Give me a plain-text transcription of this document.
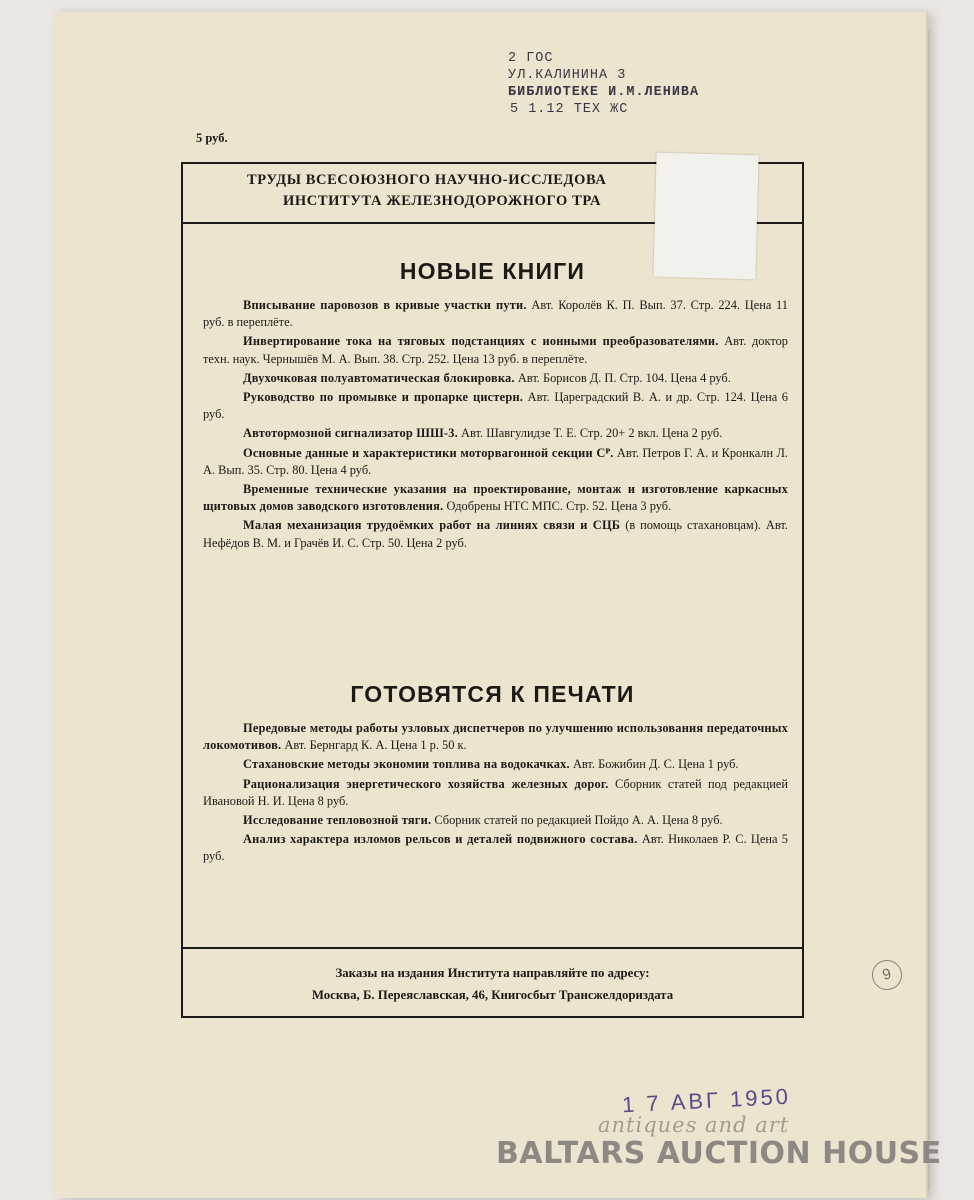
2 ГОС
УЛ.КАЛИНИНА 3
БИБЛИОТЕКЕ И.М.ЛЕНИВА
5 1.12 ТЕХ ЖС
5 руб.
ТРУДЫ ВСЕСОЮЗНОГО НАУЧНО-ИССЛЕДОВА
ИНСТИТУТА ЖЕЛЕЗНОДОРОЖНОГО ТРА
НОВЫЕ КНИГИ
Вписывание паровозов в кривые участки пути. Авт. Королёв К. П. Вып. 37. Стр. 224. Цена 11 руб. в переплёте.
Инвертирование тока на тяговых подстанциях с ионными преобразователями. Авт. доктор техн. наук. Чернышёв М. А. Вып. 38. Стр. 252. Цена 13 руб. в переплёте.
Двухочковая полуавтоматическая блокировка. Авт. Борисов Д. П. Стр. 104. Цена 4 руб.
Руководство по промывке и пропарке цистерн. Авт. Цареградский В. А. и др. Стр. 124. Цена 6 руб.
Автотормозной сигнализатор ШШ-3. Авт. Шавгулидзе Т. Е. Стр. 20+ 2 вкл. Цена 2 руб.
Основные данные и характеристики моторвагонной секции Сᴾ. Авт. Петров Г. А. и Кронкалн Л. А. Вып. 35. Стр. 80. Цена 4 руб.
Временные технические указания на проектирование, монтаж и изготовление каркасных щитовых домов заводского изготовления. Одобрены НТС МПС. Стр. 52. Цена 3 руб.
Малая механизация трудоёмких работ на линиях связи и СЦБ (в помощь стахановцам). Авт. Нефёдов В. М. и Грачёв И. С. Стр. 50. Цена 2 руб.
ГОТОВЯТСЯ К ПЕЧАТИ
Передовые методы работы узловых диспетчеров по улучшению использования передаточных локомотивов. Авт. Бернгард К. А. Цена 1 р. 50 к.
Стахановские методы экономии топлива на водокачках. Авт. Божибин Д. С. Цена 1 руб.
Рационализация энергетического хозяйства железных дорог. Сборник статей под редакцией Ивановой Н. И. Цена 8 руб.
Исследование тепловозной тяги. Сборник статей по редакцией Пойдо А. А. Цена 8 руб.
Анализ характера изломов рельсов и деталей подвижного состава. Авт. Николаев Р. С. Цена 5 руб.
Заказы на издания Института направляйте по адресу:
Москва, Б. Переяславская, 46, Книгосбыт Трансжелдориздата
9
1 7 АВГ 1950
antiques and art
BALTARS AUCTION HOUSE
